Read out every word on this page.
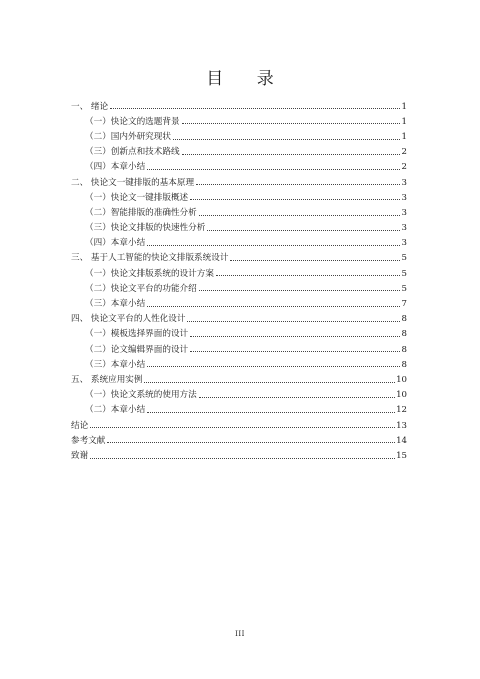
目 录
一、 绪论	1
（一）快论文的选题背景	1
（二）国内外研究现状	1
（三）创新点和技术路线	2
（四）本章小结	2
二、 快论文一键排版的基本原理	3
（一）快论文一键排版概述	3
（二）智能排版的准确性分析	3
（三）快论文排版的快速性分析	3
（四）本章小结	3
三、 基于人工智能的快论文排版系统设计	5
（一）快论文排版系统的设计方案	5
（二）快论文平台的功能介绍	5
（三）本章小结	7
四、 快论文平台的人性化设计	8
（一）模板选择界面的设计	8
（二）论文编辑界面的设计	8
（三）本章小结	8
五、 系统应用实例	10
（一）快论文系统的使用方法	10
（二）本章小结	12
结论	13
参考文献	14
致谢	15
III
